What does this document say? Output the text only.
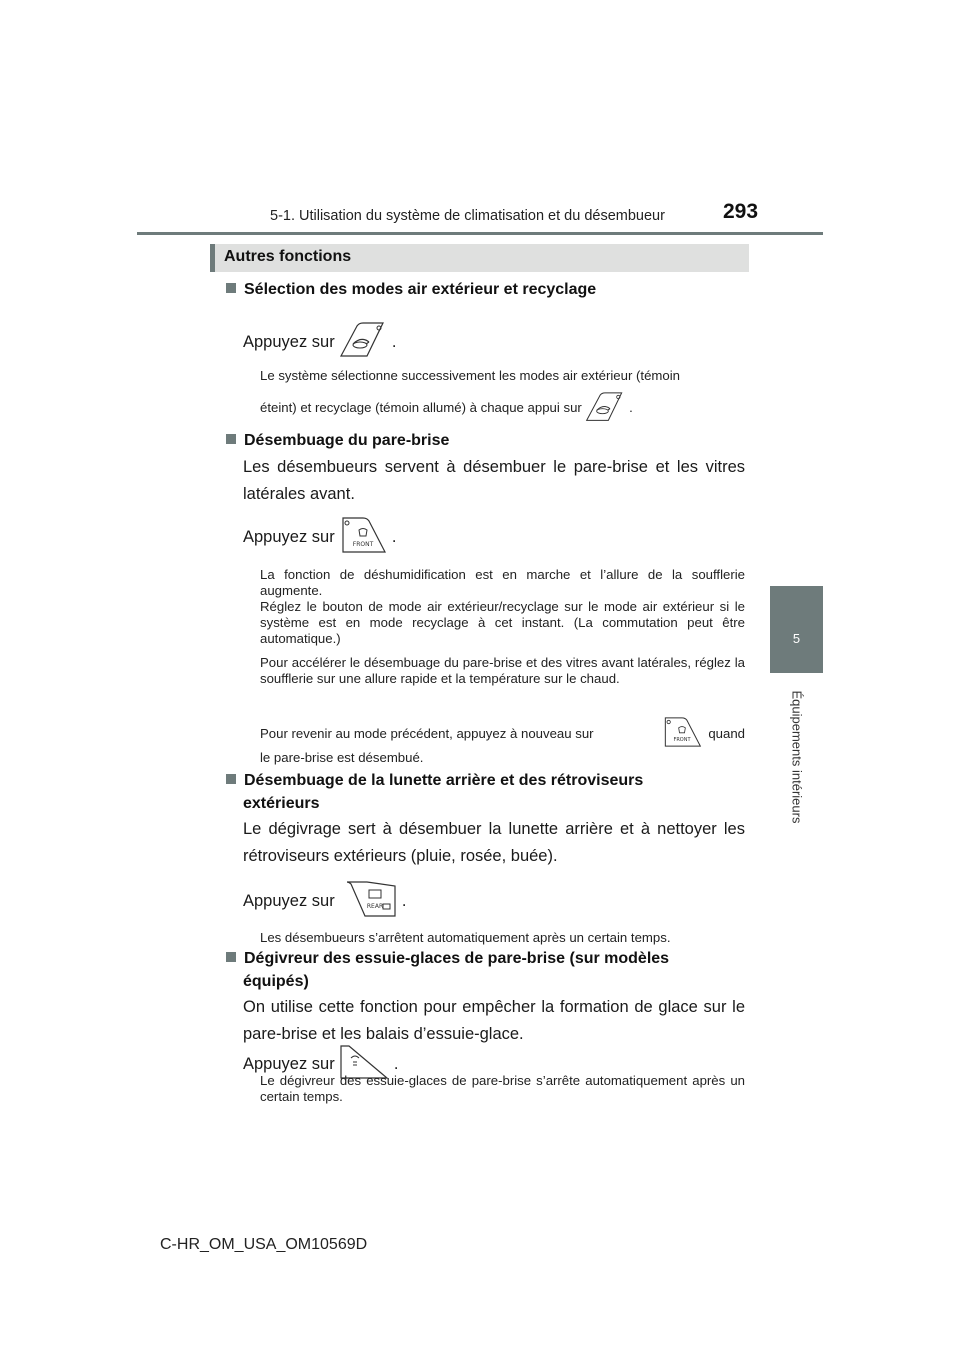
5-1. Utilisation du système de climatisation et du désembueur	293
5
Équipements intérieurs
Autres fonctions
Sélection des modes air extérieur et recyclage
Appuyez sur	.
Le système sélectionne successivement les modes air extérieur (témoin
éteint) et recyclage (témoin allumé) à chaque appui sur	.
Désembuage du pare-brise
Les désembueurs servent à désembuer le pare-brise et les vitres latérales avant.
Appuyez sur	FRONT .
La fonction de déshumidification est en marche et l’allure de la soufflerie augmente.
Réglez le bouton de mode air extérieur/recyclage sur le mode air extérieur si le système est en mode recyclage à cet instant. (La commutation peut être automatique.)
Pour accélérer le désembuage du pare-brise et des vitres avant latérales, réglez la soufflerie sur une allure rapide et la température sur le chaud.
Pour revenir au mode précédent, appuyez à nouveau sur	FRONT quand
le pare-brise est désembué.
Désembuage de la lunette arrière et des rétroviseurs
extérieurs
Le dégivrage sert à désembuer la lunette arrière et à nettoyer les rétroviseurs extérieurs (pluie, rosée, buée).
Appuyez sur	REAR .
Les désembueurs s’arrêtent automatiquement après un certain temps.
Dégivreur des essuie-glaces de pare-brise (sur modèles
équipés)
On utilise cette fonction pour empêcher la formation de glace sur le pare-brise et les balais d’essuie-glace.
Appuyez sur	.
Le dégivreur des essuie-glaces de pare-brise s’arrête automatiquement après un certain temps.
C-HR_OM_USA_OM10569D
